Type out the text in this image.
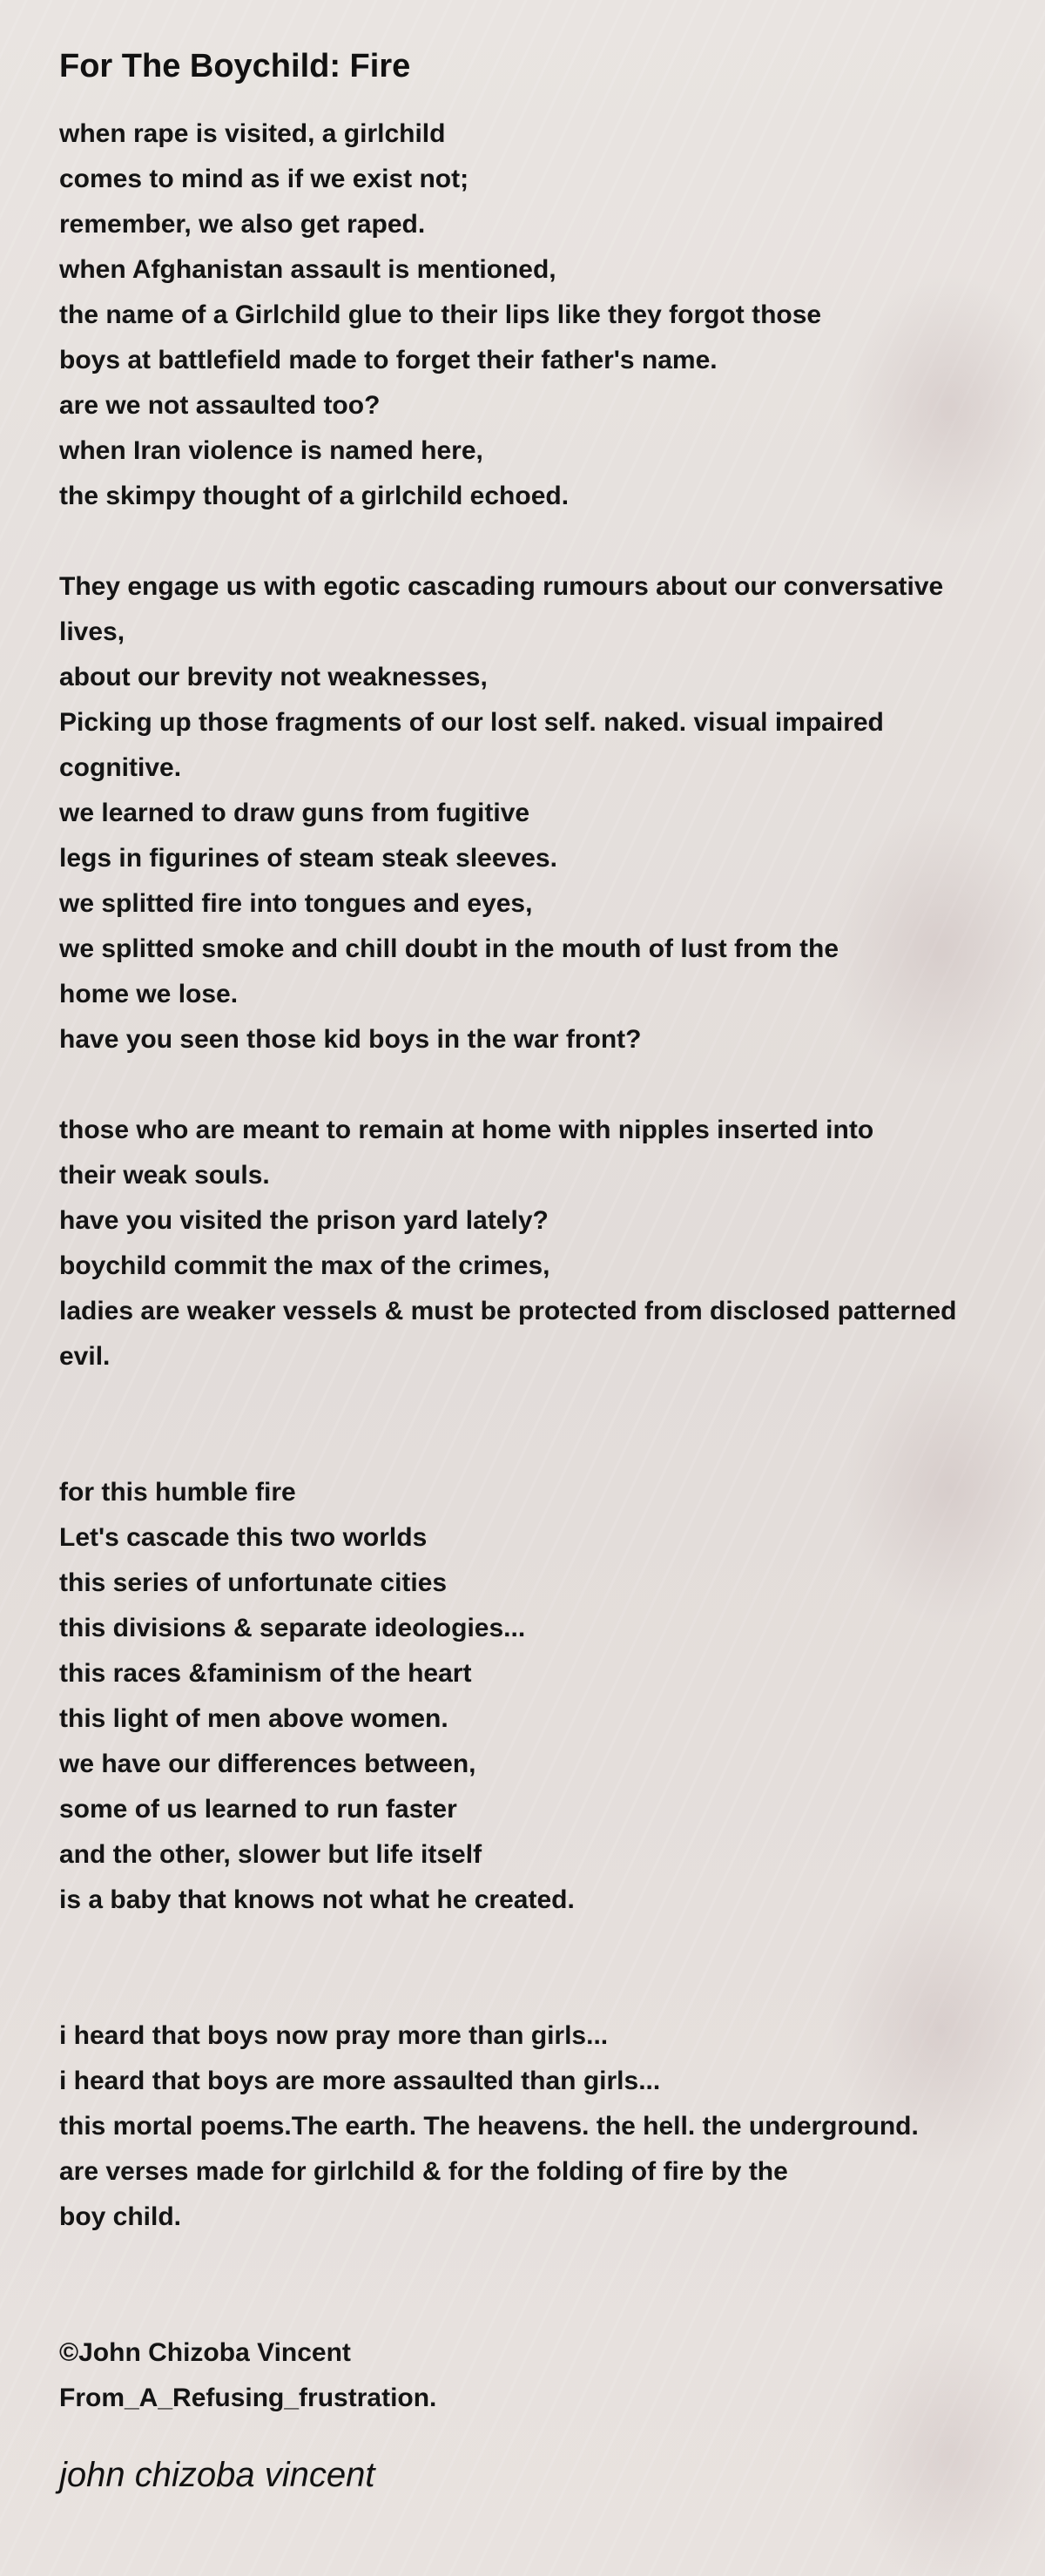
For The Boychild: Fire
when rape is visited, a girlchild
comes to mind as if we exist not;
remember, we also get raped.
when Afghanistan assault is mentioned,
the name of a Girlchild glue to their lips like they forgot those
boys at battlefield made to forget their father's name.
are we not assaulted too?
when Iran violence is named here,
the skimpy thought of a girlchild echoed.
They engage us with egotic cascading rumours about our conversative
lives,
about our brevity not weaknesses,
Picking up those fragments of our lost self. naked. visual impaired
cognitive.
we learned to draw guns from fugitive
legs in figurines of steam steak sleeves.
we splitted fire into tongues and eyes,
we splitted smoke and chill doubt in the mouth of lust from the
home we lose.
have you seen those kid boys in the war front?
those who are meant to remain at home with nipples inserted into
their weak souls.
have you visited the prison yard lately?
boychild commit the max of the crimes,
ladies are weaker vessels & must be protected from disclosed patterned
evil.
for this humble fire
Let's cascade this two worlds
this series of unfortunate cities
this divisions & separate ideologies...
this races &faminism of the heart
this light of men above women.
we have our differences between,
some of us learned to run faster
and the other, slower but life itself
is a baby that knows not what he created.
i heard that boys now pray more than girls...
i heard that boys are more assaulted than girls...
this mortal poems.The earth. The heavens. the hell. the underground.
are verses made for girlchild & for the folding of fire by the
boy child.
©John Chizoba Vincent
From_A_Refusing_frustration.
john chizoba vincent
